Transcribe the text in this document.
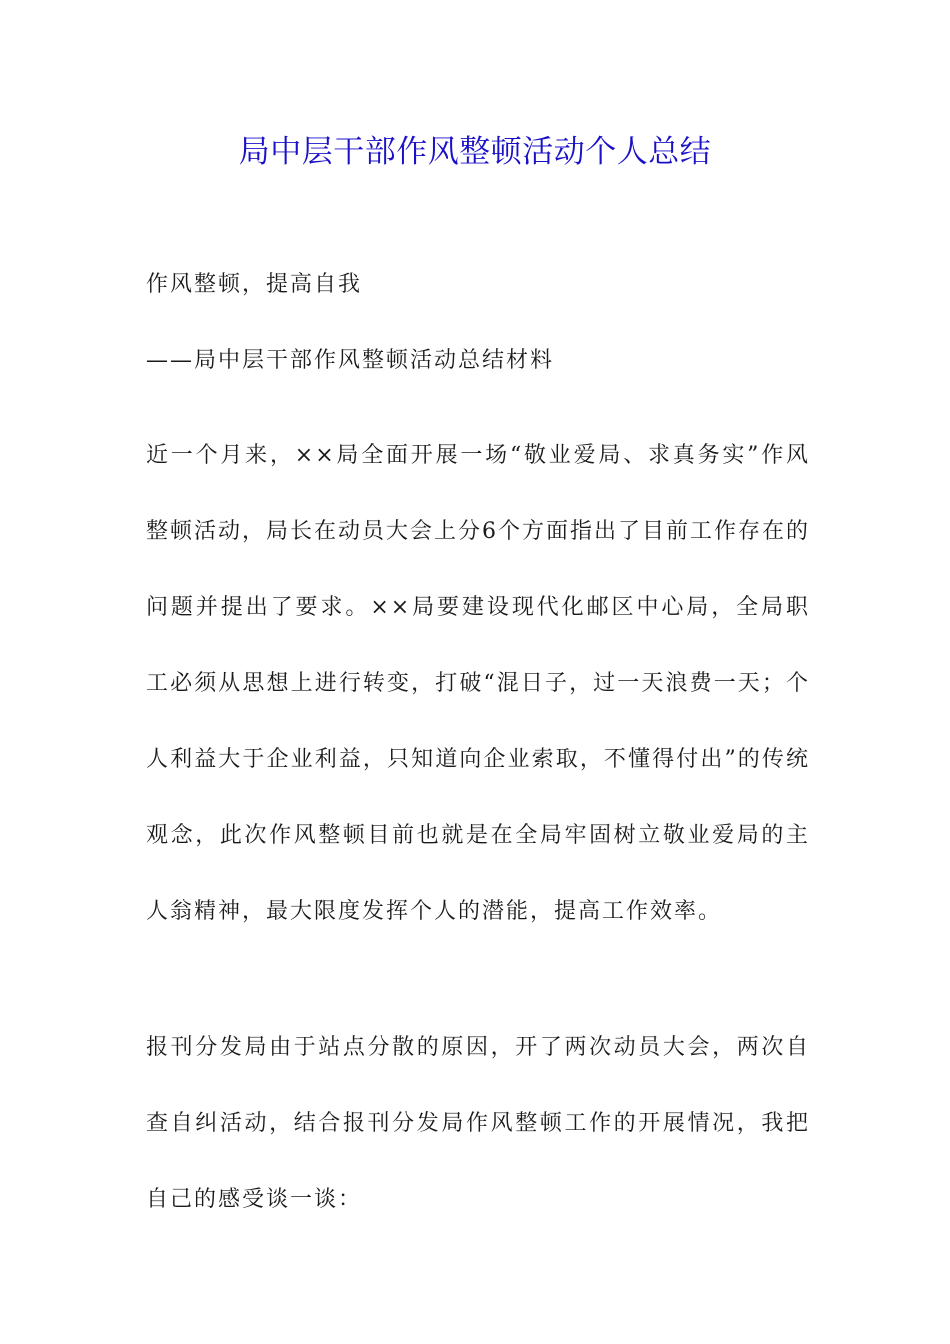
局中层干部作风整顿活动个人总结

作风整顿，提高自我

——局中层干部作风整顿活动总结材料

近一个月来，××局全面开展一场“敬业爱局、求真务实”作风整顿活动，局长在动员大会上分6个方面指出了目前工作存在的问题并提出了要求。××局要建设现代化邮区中心局，全局职工必须从思想上进行转变，打破“混日子，过一天浪费一天；个人利益大于企业利益，只知道向企业索取，不懂得付出”的传统观念，此次作风整顿目前也就是在全局牢固树立敬业爱局的主人翁精神，最大限度发挥个人的潜能，提高工作效率。

报刊分发局由于站点分散的原因，开了两次动员大会，两次自查自纠活动，结合报刊分发局作风整顿工作的开展情况，我把自己的感受谈一谈：
